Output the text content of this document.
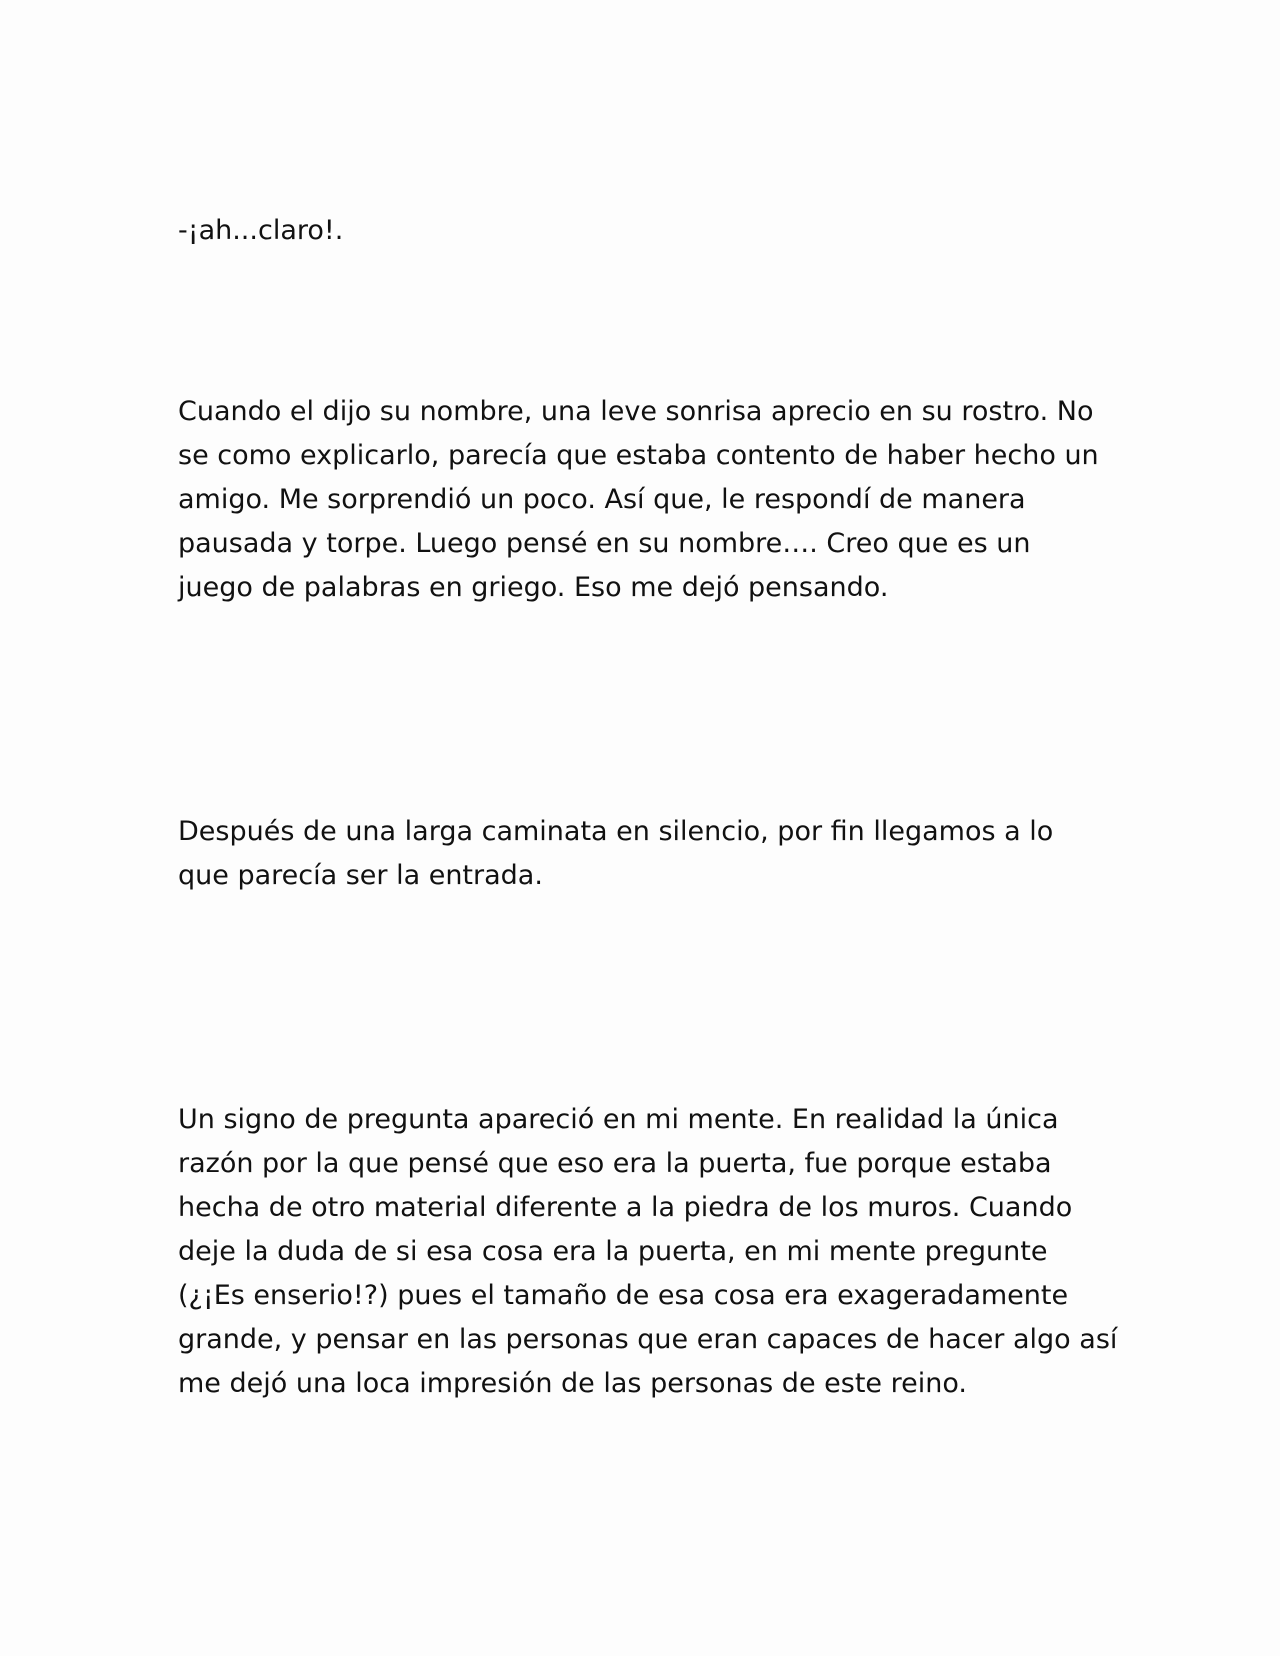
-¡ah...claro!.

Cuando el dijo su nombre, una leve sonrisa aprecio en su rostro. No
se como explicarlo, parecía que estaba contento de haber hecho un
amigo. Me sorprendió un poco. Así que, le respondí de manera
pausada y torpe. Luego pensé en su nombre…. Creo que es un
juego de palabras en griego. Eso me dejó pensando.

Después de una larga caminata en silencio, por fin llegamos a lo
que parecía ser la entrada.

Un signo de pregunta apareció en mi mente. En realidad la única
razón por la que pensé que eso era la puerta, fue porque estaba
hecha de otro material diferente a la piedra de los muros. Cuando
deje la duda de si esa cosa era la puerta, en mi mente pregunte
(¿¡Es enserio!?) pues el tamaño de esa cosa era exageradamente
grande, y pensar en las personas que eran capaces de hacer algo así
me dejó una loca impresión de las personas de este reino.
